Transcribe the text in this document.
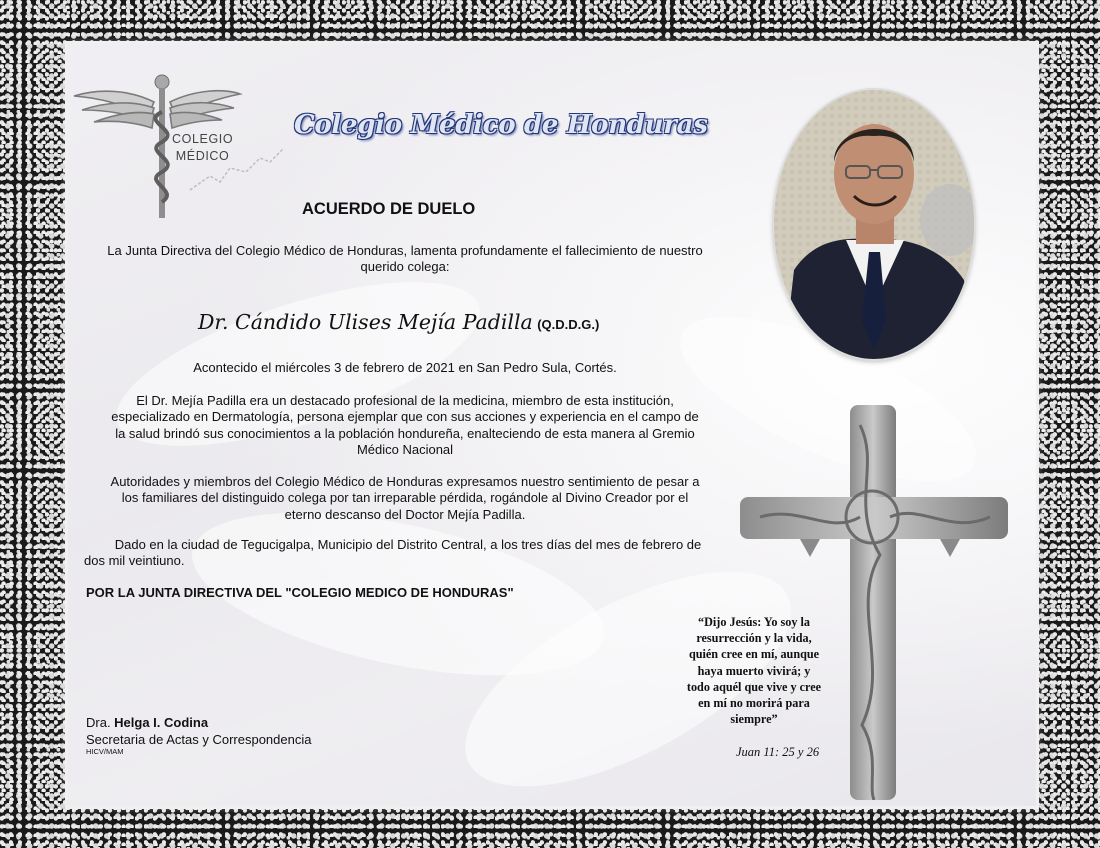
COLEGIO
MÉDICO
Colegio Médico de Honduras
ACUERDO DE DUELO
La Junta Directiva del Colegio Médico de Honduras, lamenta profundamente el fallecimiento de nuestro
querido colega:
Dr. Cándido Ulises Mejía Padilla (Q.D.D.G.)
Acontecido el miércoles 3 de febrero de 2021 en San Pedro Sula, Cortés.
El Dr. Mejía Padilla era un destacado profesional de la medicina, miembro de esta institución,
especializado en Dermatología, persona ejemplar que con sus acciones y experiencia en el campo de
la salud brindó sus conocimientos a la población hondureña, enalteciendo de esta manera al Gremio
Médico Nacional
Autoridades y miembros del Colegio Médico de Honduras expresamos nuestro sentimiento de pesar a
los familiares del distinguido colega por tan irreparable pérdida, rogándole al Divino Creador por el
eterno descanso del Doctor Mejía Padilla.
Dado en la ciudad de Tegucigalpa, Municipio del Distrito Central, a los tres días del mes de febrero de
dos mil veintiuno.
POR LA JUNTA DIRECTIVA DEL "COLEGIO MEDICO DE HONDURAS"
“Dijo Jesús: Yo soy la
resurrección y la vida,
quién cree en mí, aunque
haya muerto vivirá; y
todo aquél que vive y cree
en mí no morirá para
siempre”
Juan 11: 25 y 26
Dra. Helga I. Codina
Secretaria de Actas y Correspondencia
HICV/MAM
